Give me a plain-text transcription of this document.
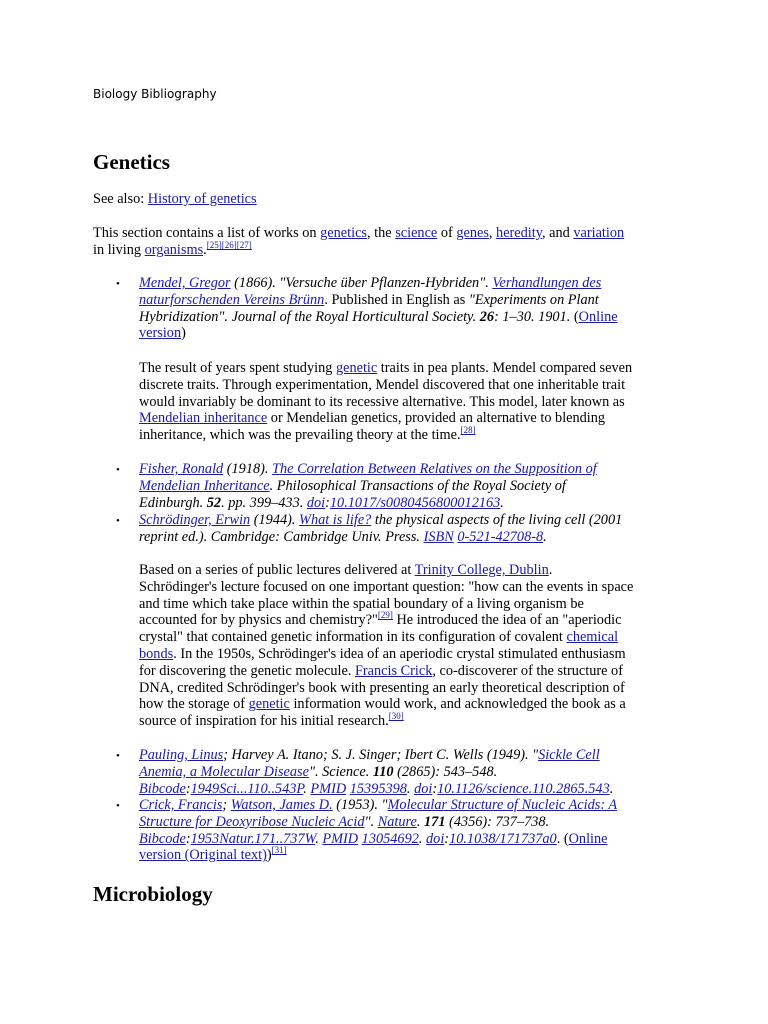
Biology Bibliography
Genetics
See also: History of genetics
This section contains a list of works on genetics, the science of genes, heredity, and variation
in living organisms.[25][26][27]
• Mendel, Gregor (1866). "Versuche über Pflanzen-Hybriden". Verhandlungen des
naturforschenden Vereins Brünn. Published in English as "Experiments on Plant
Hybridization". Journal of the Royal Horticultural Society. 26: 1–30. 1901. (Online
version)
The result of years spent studying genetic traits in pea plants. Mendel compared seven
discrete traits. Through experimentation, Mendel discovered that one inheritable trait
would invariably be dominant to its recessive alternative. This model, later known as
Mendelian inheritance or Mendelian genetics, provided an alternative to blending
inheritance, which was the prevailing theory at the time.[28]
• Fisher, Ronald (1918). The Correlation Between Relatives on the Supposition of
Mendelian Inheritance. Philosophical Transactions of the Royal Society of
Edinburgh. 52. pp. 399–433. doi:10.1017/s0080456800012163.
• Schrödinger, Erwin (1944). What is life? the physical aspects of the living cell (2001
reprint ed.). Cambridge: Cambridge Univ. Press. ISBN 0-521-42708-8.
Based on a series of public lectures delivered at Trinity College, Dublin.
Schrödinger's lecture focused on one important question: "how can the events in space
and time which take place within the spatial boundary of a living organism be
accounted for by physics and chemistry?"[29] He introduced the idea of an "aperiodic
crystal" that contained genetic information in its configuration of covalent chemical
bonds. In the 1950s, Schrödinger's idea of an aperiodic crystal stimulated enthusiasm
for discovering the genetic molecule. Francis Crick, co-discoverer of the structure of
DNA, credited Schrödinger's book with presenting an early theoretical description of
how the storage of genetic information would work, and acknowledged the book as a
source of inspiration for his initial research.[30]
• Pauling, Linus; Harvey A. Itano; S. J. Singer; Ibert C. Wells (1949). "Sickle Cell
Anemia, a Molecular Disease". Science. 110 (2865): 543–548.
Bibcode:1949Sci...110..543P. PMID 15395398. doi:10.1126/science.110.2865.543.
• Crick, Francis; Watson, James D. (1953). "Molecular Structure of Nucleic Acids: A
Structure for Deoxyribose Nucleic Acid". Nature. 171 (4356): 737–738.
Bibcode:1953Natur.171..737W. PMID 13054692. doi:10.1038/171737a0. (Online
version (Original text))[31]
Microbiology
